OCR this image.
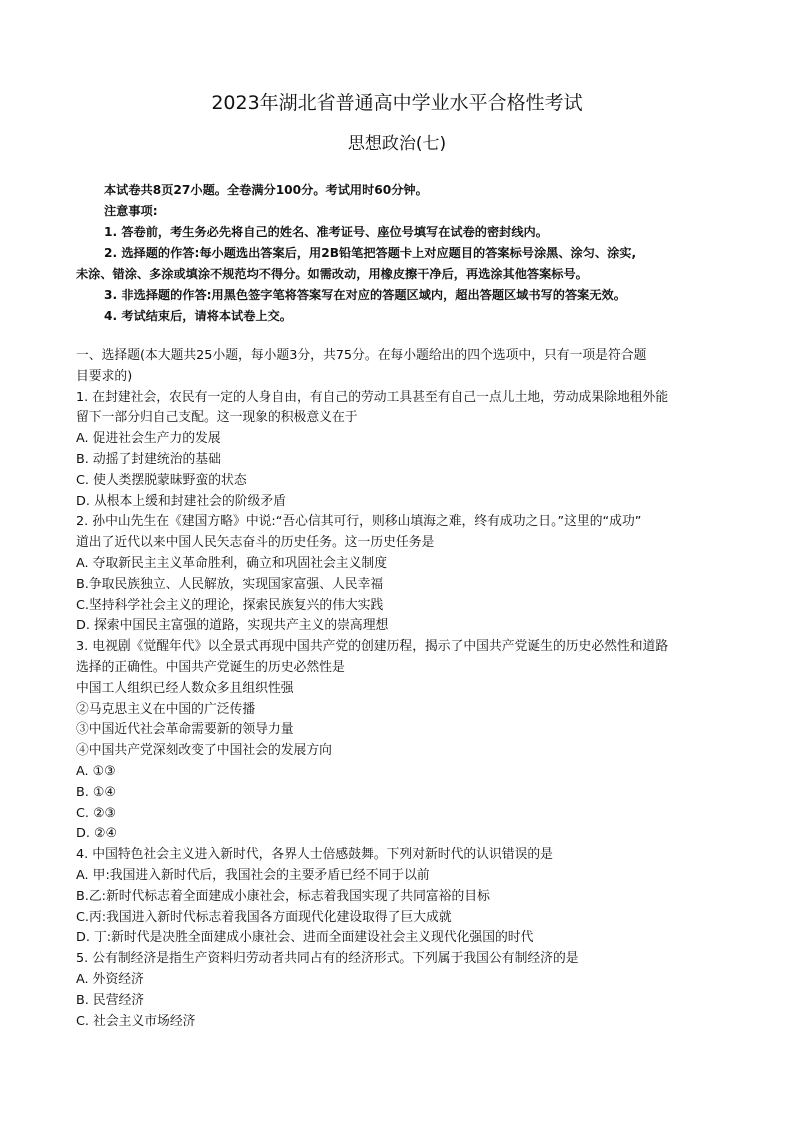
2023年湖北省普通高中学业水平合格性考试
思想政治(七)

本试卷共8页27小题。全卷满分100分。考试用时60分钟。

注意事项:

1. 答卷前，考生务必先将自己的姓名、准考证号、座位号填写在试卷的密封线内。

2. 选择题的作答:每小题选出答案后，用2B铅笔把答题卡上对应题目的答案标号涂黑、涂匀、涂实,

未涂、错涂、多涂或填涂不规范均不得分。如需改动，用橡皮擦干净后，再选涂其他答案标号。

3. 非选择题的作答:用黑色签字笔将答案写在对应的答题区域内，超出答题区域书写的答案无效。

4. 考试结束后，请将本试卷上交。

一、选择题(本大题共25小题，每小题3分，共75分。在每小题给出的四个选项中，只有一项是符合题

目要求的)

1. 在封建社会，农民有一定的人身自由，有自己的劳动工具甚至有自己一点儿土地，劳动成果除地租外能

留下一部分归自己支配。这一现象的积极意义在于

A. 促进社会生产力的发展

B. 动摇了封建统治的基础

C. 使人类摆脱蒙昧野蛮的状态

D. 从根本上缓和封建社会的阶级矛盾

2. 孙中山先生在《建国方略》中说:“吾心信其可行，则移山填海之难，终有成功之日。”这里的“成功”

道出了近代以来中国人民矢志奋斗的历史任务。这一历史任务是

A. 夺取新民主主义革命胜利，确立和巩固社会主义制度

B.争取民族独立、人民解放，实现国家富强、人民幸福

C.坚持科学社会主义的理论，探索民族复兴的伟大实践

D. 探索中国民主富强的道路，实现共产主义的崇高理想

3. 电视剧《觉醒年代》以全景式再现中国共产党的创建历程，揭示了中国共产党诞生的历史必然性和道路

选择的正确性。中国共产党诞生的历史必然性是

中国工人组织已经人数众多且组织性强

②马克思主义在中国的广泛传播

③中国近代社会革命需要新的领导力量

④中国共产党深刻改变了中国社会的发展方向

A. ①③

B. ①④

C. ②③

D. ②④

4. 中国特色社会主义进入新时代，各界人士倍感鼓舞。下列对新时代的认识错误的是

A. 甲:我国进入新时代后，我国社会的主要矛盾已经不同于以前

B.乙:新时代标志着全面建成小康社会，标志着我国实现了共同富裕的目标

C.丙:我国进入新时代标志着我国各方面现代化建设取得了巨大成就

D. 丁:新时代是决胜全面建成小康社会、进而全面建设社会主义现代化强国的时代

5. 公有制经济是指生产资料归劳动者共同占有的经济形式。下列属于我国公有制经济的是

A. 外资经济

B. 民营经济

C. 社会主义市场经济
